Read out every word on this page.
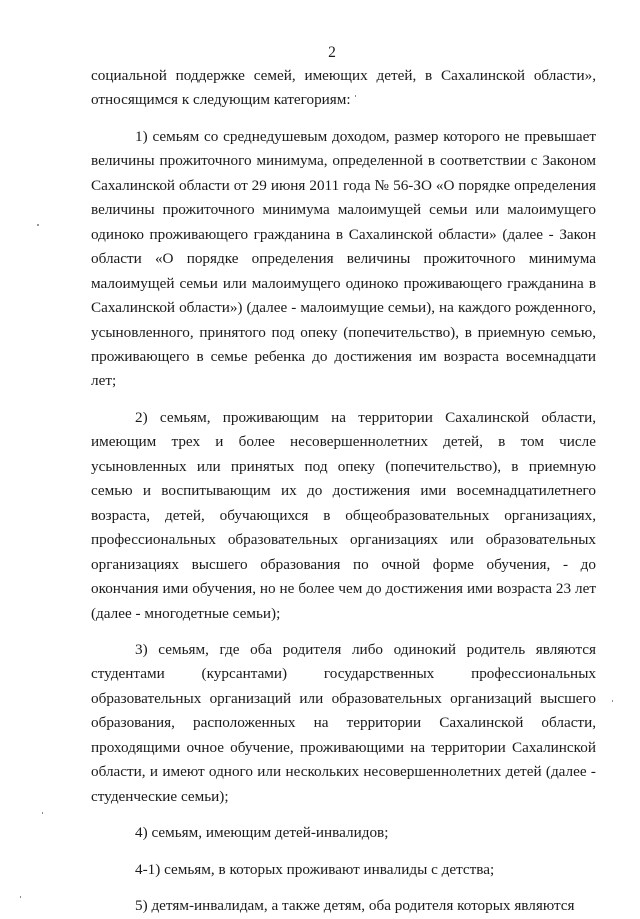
2

социальной поддержке семей, имеющих детей, в Сахалинской области», относящимся к следующим категориям:

1) семьям со среднедушевым доходом, размер которого не превышает величины прожиточного минимума, определенной в соответствии с Законом Сахалинской области от 29 июня 2011 года № 56-ЗО «О порядке определения величины прожиточного минимума малоимущей семьи или малоимущего одиноко проживающего гражданина в Сахалинской области» (далее - Закон области «О порядке определения величины прожиточного минимума малоимущей семьи или малоимущего одиноко проживающего гражданина в Сахалинской области») (далее - малоимущие семьи), на каждого рожденного, усыновленного, принятого под опеку (попечительство), в приемную семью, проживающего в семье ребенка до достижения им возраста восемнадцати лет;

2) семьям, проживающим на территории Сахалинской области, имеющим трех и более несовершеннолетних детей, в том числе усыновленных или принятых под опеку (попечительство), в приемную семью и воспитывающим их до достижения ими восемнадцатилетнего возраста, детей, обучающихся в общеобразовательных организациях, профессиональных образовательных организациях или образовательных организациях высшего образования по очной форме обучения, - до окончания ими обучения, но не более чем до достижения ими возраста 23 лет (далее - многодетные семьи);

3) семьям, где оба родителя либо одинокий родитель являются студентами (курсантами) государственных профессиональных образовательных организаций или образовательных организаций высшего образования, расположенных на территории Сахалинской области, проходящими очное обучение, проживающими на территории Сахалинской области, и имеют одного или нескольких несовершеннолетних детей (далее - студенческие семьи);

4) семьям, имеющим детей-инвалидов;

4-1) семьям, в которых проживают инвалиды с детства;

5) детям-инвалидам, а также детям, оба родителя которых являются
